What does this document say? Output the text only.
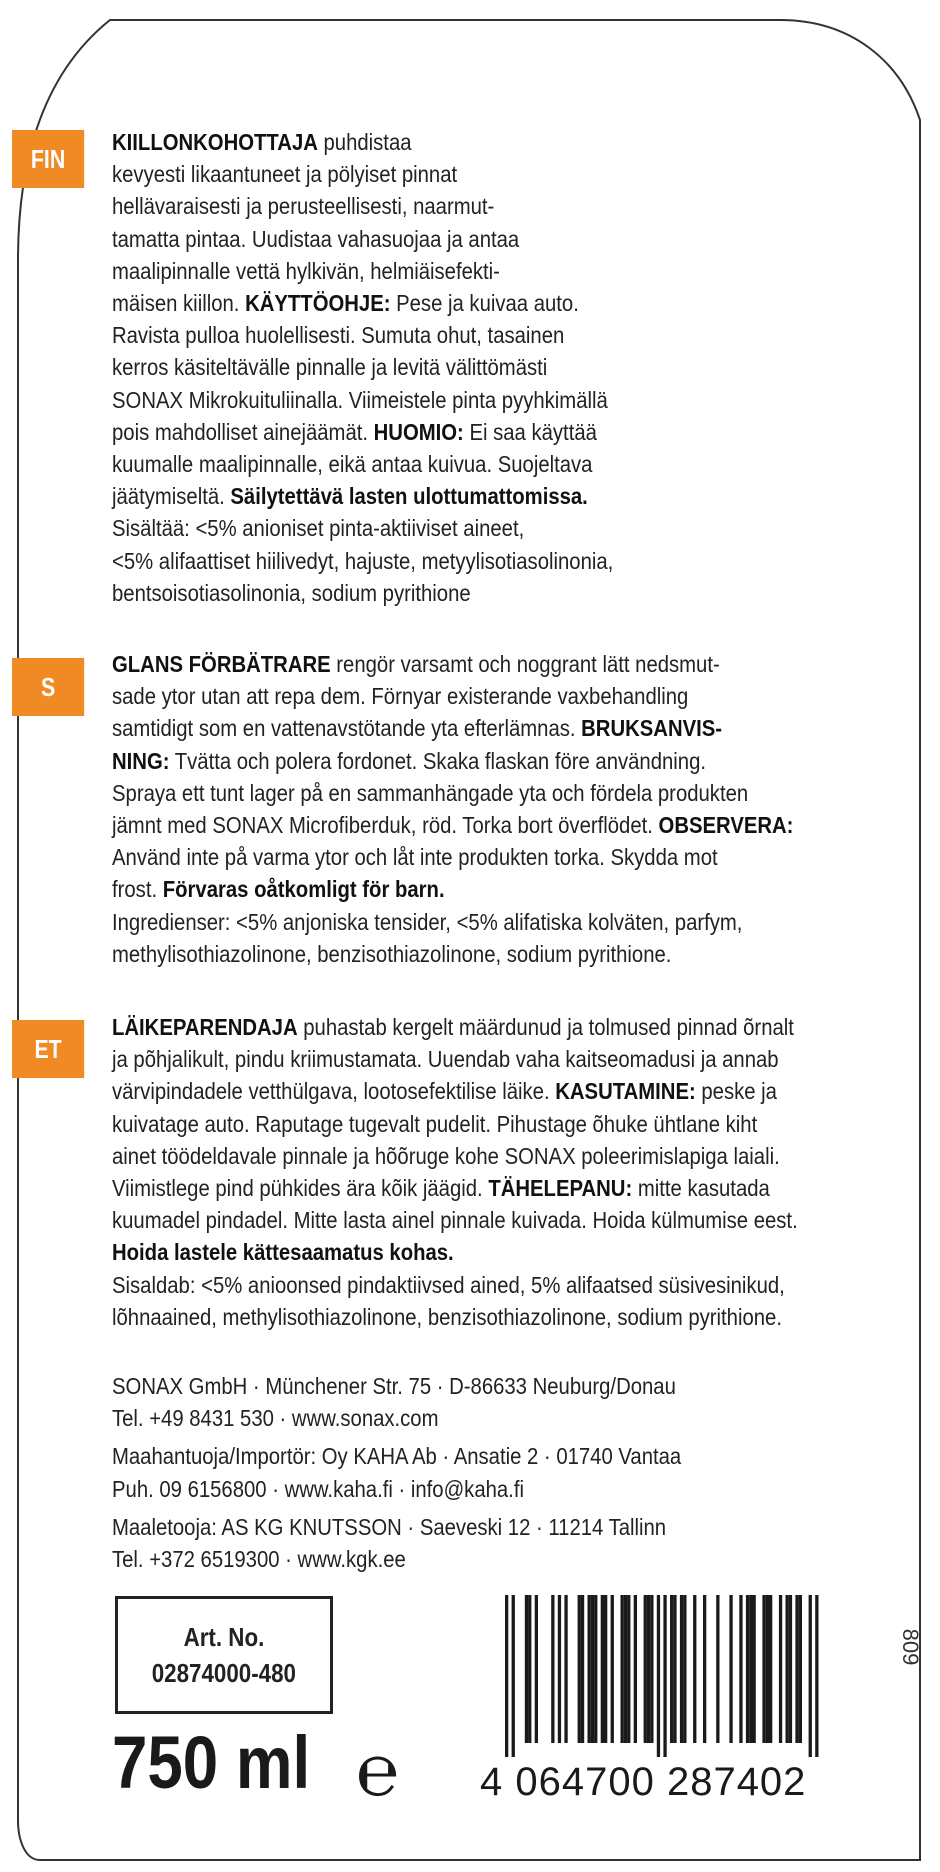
FIN
KIILLONKOHOTTAJA puhdistaa
kevyesti likaantuneet ja pölyiset pinnat
hellävaraisesti ja perusteellisesti, naarmut-
tamatta pintaa. Uudistaa vahasuojaa ja antaa
maalipinnalle vettä hylkivän, helmiäisefekti-
mäisen kiillon. KÄYTTÖOHJE: Pese ja kuivaa auto.
Ravista pulloa huolellisesti. Sumuta ohut, tasainen
kerros käsiteltävälle pinnalle ja levitä välittömästi
SONAX Mikrokuituliinalla. Viimeistele pinta pyyhkimällä
pois mahdolliset ainejäämät. HUOMIO: Ei saa käyttää
kuumalle maalipinnalle, eikä antaa kuivua. Suojeltava
jäätymiseltä. Säilytettävä lasten ulottumattomissa.
Sisältää: <5% anioniset pinta-aktiiviset aineet,
<5% alifaattiset hiilivedyt, hajuste, metyylisotiasolinonia,
bentsoisotiasolinonia, sodium pyrithione
S
GLANS FÖRBÄTRARE rengör varsamt och noggrant lätt nedsmut-
sade ytor utan att repa dem. Förnyar existerande vaxbehandling
samtidigt som en vattenavstötande yta efterlämnas. BRUKSANVIS-
NING: Tvätta och polera fordonet. Skaka flaskan före användning.
Spraya ett tunt lager på en sammanhängade yta och fördela produkten
jämnt med SONAX Microfiberduk, röd. Torka bort överflödet. OBSERVERA:
Använd inte på varma ytor och låt inte produkten torka. Skydda mot
frost. Förvaras oåtkomligt för barn.
Ingredienser: <5% anjoniska tensider, <5% alifatiska kolväten, parfym,
methylisothiazolinone, benzisothiazolinone, sodium pyrithione.
ET
LÄIKEPARENDAJA puhastab kergelt määrdunud ja tolmused pinnad õrnalt
ja põhjalikult, pindu kriimustamata. Uuendab vaha kaitseomadusi ja annab
värvipindadele vetthülgava, lootosefektilise läike. KASUTAMINE: peske ja
kuivatage auto. Raputage tugevalt pudelit. Pihustage õhuke ühtlane kiht
ainet töödeldavale pinnale ja hõõruge kohe SONAX poleerimislapiga laiali.
Viimistlege pind pühkides ära kõik jäägid. TÄHELEPANU: mitte kasutada
kuumadel pindadel. Mitte lasta ainel pinnale kuivada. Hoida külmumise eest.
Hoida lastele kättesaamatus kohas.
Sisaldab: <5% anioonsed pindaktiivsed ained, 5% alifaatsed süsivesinikud,
lõhnaained, methylisothiazolinone, benzisothiazolinone, sodium pyrithione.
SONAX GmbH · Münchener Str. 75 · D-86633 Neuburg/Donau
Tel. +49 8431 530 · www.sonax.com
Maahantuoja/Importör: Oy KAHA Ab · Ansatie 2 · 01740 Vantaa
Puh. 09 6156800 · www.kaha.fi · info@kaha.fi
Maaletooja: AS KG KNUTSSON · Saeveski 12 · 11214 Tallinn
Tel. +372 6519300 · www.kgk.ee
Art. No.
02874000-480
750 ml ℮ 4 064700 287402
809
